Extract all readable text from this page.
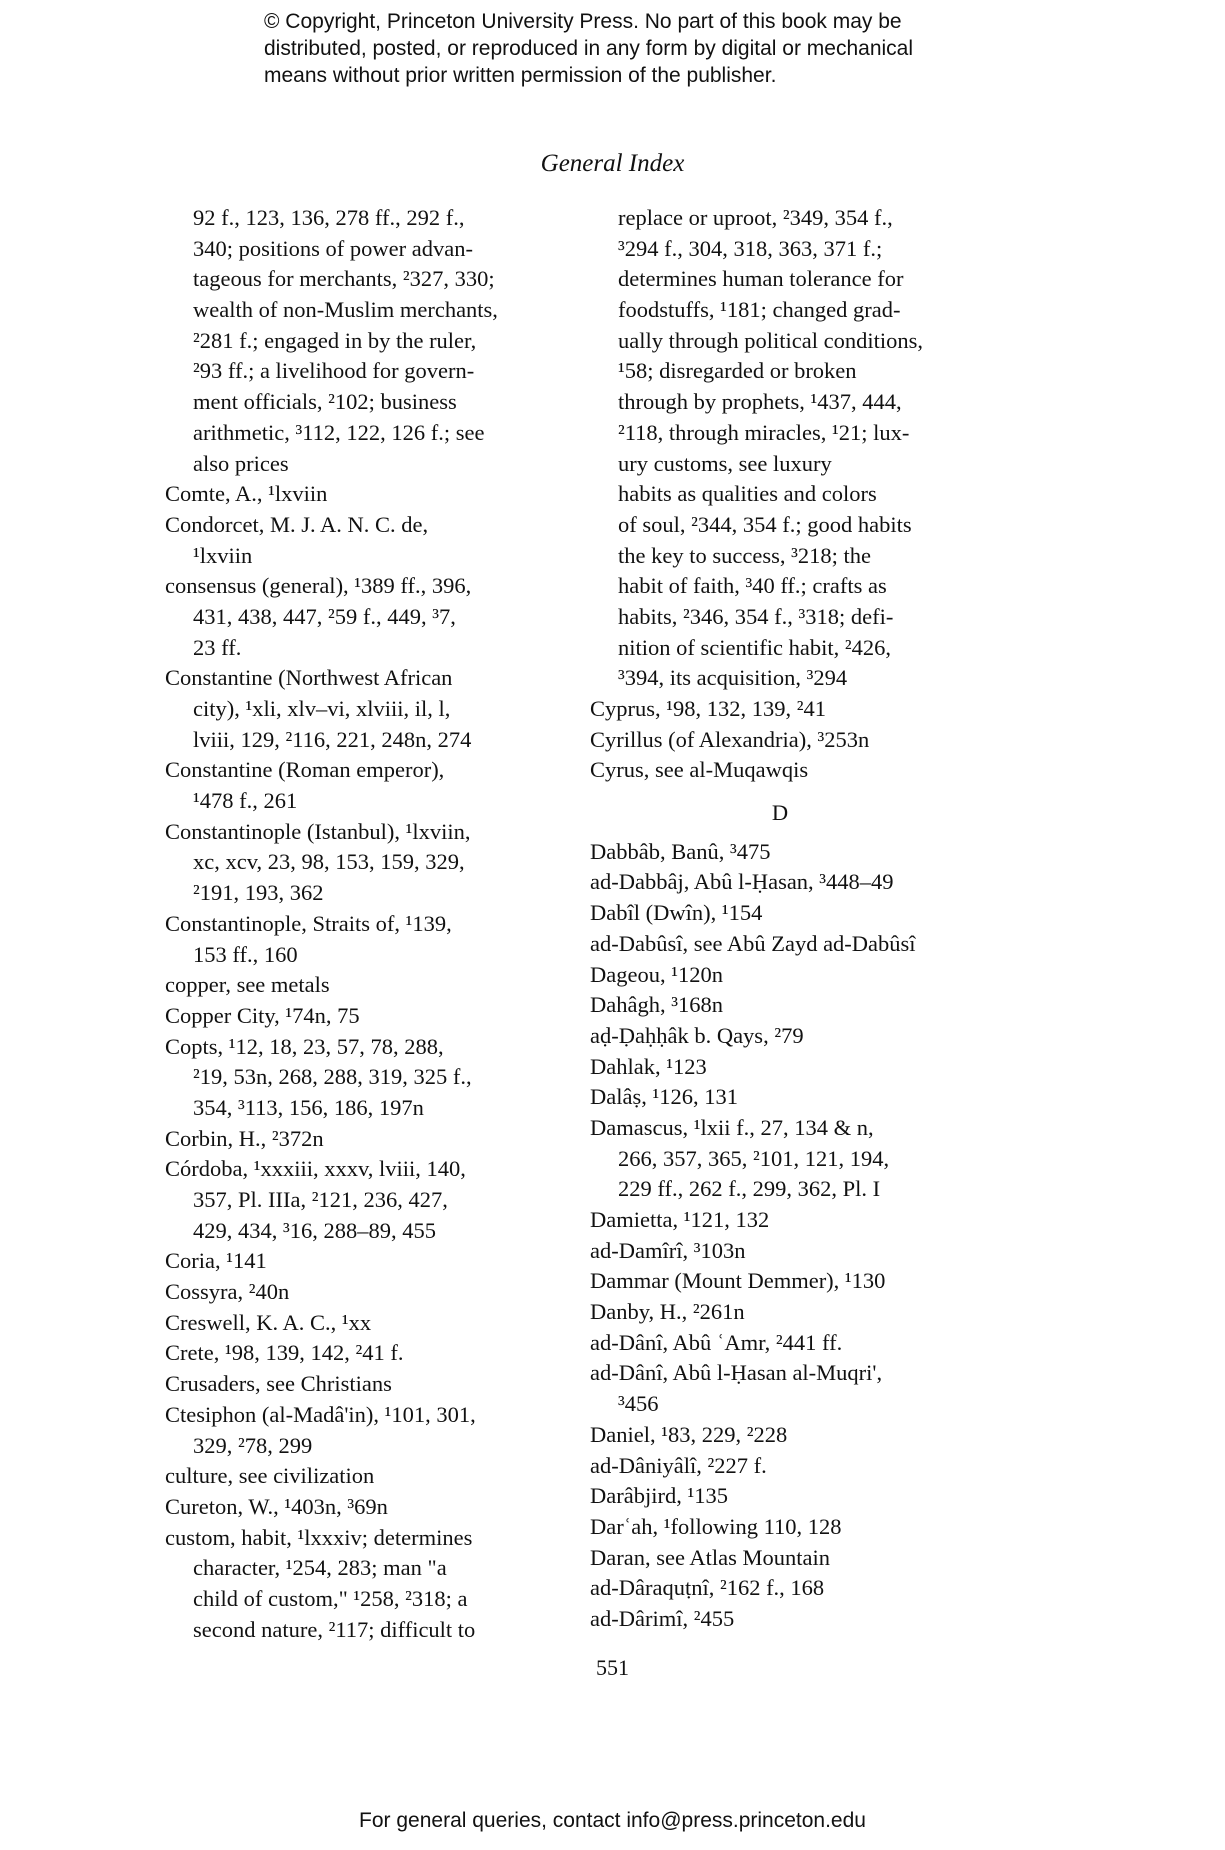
© Copyright, Princeton University Press. No part of this book may be
distributed, posted, or reproduced in any form by digital or mechanical
means without prior written permission of the publisher.
General Index
92 f., 123, 136, 278 ff., 292 f.,
340; positions of power advan-
tageous for merchants, ²327, 330;
wealth of non-Muslim merchants,
²281 f.; engaged in by the ruler,
²93 ff.; a livelihood for govern-
ment officials, ²102; business
arithmetic, ³112, 122, 126 f.; see
also prices
Comte, A., ¹lxviin
Condorcet, M. J. A. N. C. de,
¹lxviin
consensus (general), ¹389 ff., 396,
431, 438, 447, ²59 f., 449, ³7,
23 ff.
Constantine (Northwest African
city), ¹xli, xlv–vi, xlviii, il, l,
lviii, 129, ²116, 221, 248n, 274
Constantine (Roman emperor),
¹478 f., 261
Constantinople (Istanbul), ¹lxviin,
xc, xcv, 23, 98, 153, 159, 329,
²191, 193, 362
Constantinople, Straits of, ¹139,
153 ff., 160
copper, see metals
Copper City, ¹74n, 75
Copts, ¹12, 18, 23, 57, 78, 288,
²19, 53n, 268, 288, 319, 325 f.,
354, ³113, 156, 186, 197n
Corbin, H., ²372n
Córdoba, ¹xxxiii, xxxv, lviii, 140,
357, Pl. IIIa, ²121, 236, 427,
429, 434, ³16, 288–89, 455
Coria, ¹141
Cossyra, ²40n
Creswell, K. A. C., ¹xx
Crete, ¹98, 139, 142, ²41 f.
Crusaders, see Christians
Ctesiphon (al-Madâ'in), ¹101, 301,
329, ²78, 299
culture, see civilization
Cureton, W., ¹403n, ³69n
custom, habit, ¹lxxxiv; determines
character, ¹254, 283; man "a
child of custom," ¹258, ²318; a
second nature, ²117; difficult to
replace or uproot, ²349, 354 f.,
³294 f., 304, 318, 363, 371 f.;
determines human tolerance for
foodstuffs, ¹181; changed grad-
ually through political conditions,
¹58; disregarded or broken
through by prophets, ¹437, 444,
²118, through miracles, ¹21; lux-
ury customs, see luxury
habits as qualities and colors
of soul, ²344, 354 f.; good habits
the key to success, ³218; the
habit of faith, ³40 ff.; crafts as
habits, ²346, 354 f., ³318; defi-
nition of scientific habit, ²426,
³394, its acquisition, ³294
Cyprus, ¹98, 132, 139, ²41
Cyrillus (of Alexandria), ³253n
Cyrus, see al-Muqawqis
D
Dabbâb, Banû, ³475
ad-Dabbâj, Abû l-Ḥasan, ³448–49
Dabîl (Dwîn), ¹154
ad-Dabûsî, see Abû Zayd ad-Dabûsî
Dageou, ¹120n
Dahâgh, ³168n
aḍ-Ḍaḥḥâk b. Qays, ²79
Dahlak, ¹123
Dalâṣ, ¹126, 131
Damascus, ¹lxii f., 27, 134 & n,
266, 357, 365, ²101, 121, 194,
229 ff., 262 f., 299, 362, Pl. I
Damietta, ¹121, 132
ad-Damîrî, ³103n
Dammar (Mount Demmer), ¹130
Danby, H., ²261n
ad-Dânî, Abû ʿAmr, ²441 ff.
ad-Dânî, Abû l-Ḥasan al-Muqri',
³456
Daniel, ¹83, 229, ²228
ad-Dâniyâlî, ²227 f.
Darâbjird, ¹135
Darʿah, ¹following 110, 128
Daran, see Atlas Mountain
ad-Dâraquṭnî, ²162 f., 168
ad-Dârimî, ²455
551
For general queries, contact info@press.princeton.edu
